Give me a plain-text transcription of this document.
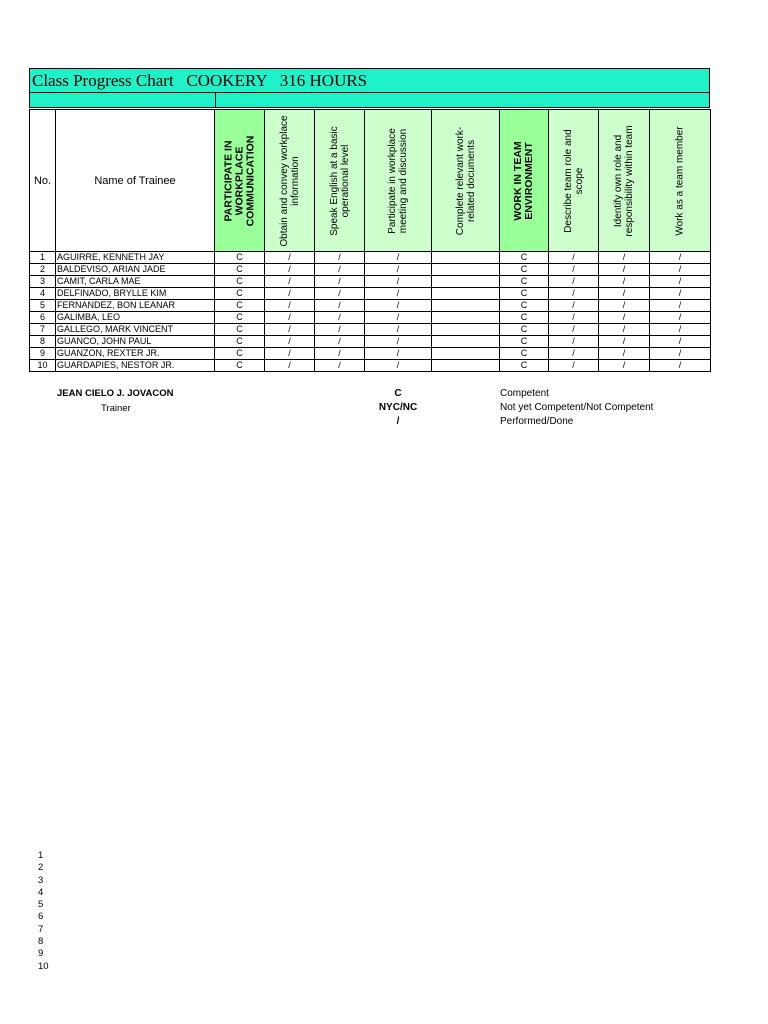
Class Progress Chart   COOKERY   316 HOURS
No.	Name of Trainee	PARTICIPATE IN WORKPLACE COMMUNICATION	Obtain and convey workplace information	Speak English at a basic operational level	Participate in workplace meeting and discussion	Complete relevant work-related documents	WORK IN TEAM ENVIRONMENT	Describe team role and scope	Identify own role and responsibility within team	Work as a team member

1	AGUIRRE, KENNETH JAY	C	/	/	/		C	/	/	/
2	BALDEVISO, ARIAN JADE	C	/	/	/		C	/	/	/
3	CAMIT, CARLA MAE	C	/	/	/		C	/	/	/
4	DELFINADO, BRYLLE KIM	C	/	/	/		C	/	/	/
5	FERNANDEZ, BON LEANAR	C	/	/	/		C	/	/	/
6	GALIMBA, LEO	C	/	/	/		C	/	/	/
7	GALLEGO, MARK VINCENT	C	/	/	/		C	/	/	/
8	GUANCO, JOHN PAUL	C	/	/	/		C	/	/	/
9	GUANZON, REXTER JR.	C	/	/	/		C	/	/	/
10	GUARDAPIES, NESTOR JR.	C	/	/	/		C	/	/	/
JEAN CIELO J. JOVACON
Trainer
C	Competent
NYC/NC	Not yet Competent/Not Competent
/	Performed/Done
1
2
3
4
5
6
7
8
9
10
